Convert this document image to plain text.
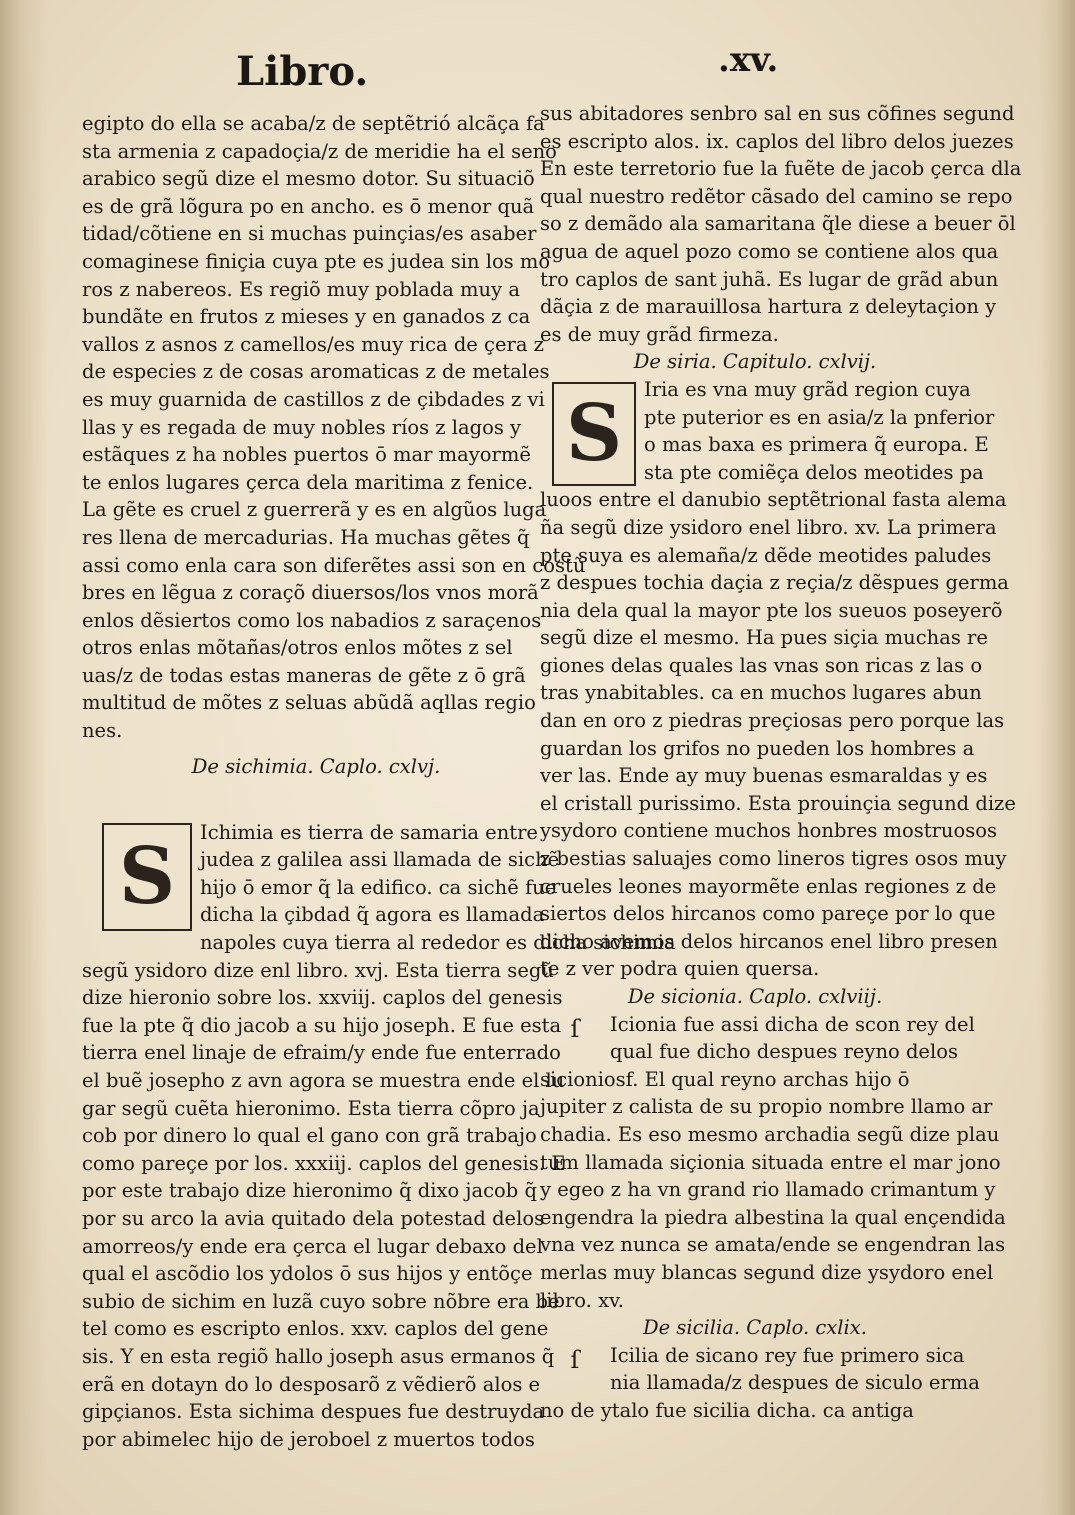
Libro.	.xv.
egipto do ella se acaba/z de septẽtrió alcãça fa
sta armenia z capadoçia/z de meridie ha el seno
arabico segũ dize el mesmo dotor. Su situaciõ
es de grã lõgura po en ancho. es ō menor quã
tidad/cõtiene en si muchas puinçias/es asaber
comaginese finiçia cuya pte es judea sin los mo
ros z nabereos. Es regiõ muy poblada muy a
bundãte en frutos z mieses y en ganados z ca
vallos z asnos z camellos/es muy rica de çera z
de especies z de cosas aromaticas z de metales
es muy guarnida de castillos z de çibdades z vi
llas y es regada de muy nobles ríos z lagos y
estãques z ha nobles puertos ō mar mayormẽ
te enlos lugares çerca dela maritima z fenice.
La gẽte es cruel z guerrerã y es en algũos luga
res llena de mercadurias. Ha muchas gẽtes q̃
assi como enla cara son diferẽtes assi son en costũ
bres en lẽgua z coraçõ diuersos/los vnos morã
enlos dẽsiertos como los nabadios z saraçenos
otros enlas mõtañas/otros enlos mõtes z sel
uas/z de todas estas maneras de gẽte z ō grã
multitud de mõtes z seluas abũdã aqllas regio
nes.
De sichimia. Caplo. cxlvj.
S	Ichimia es tierra de samaria entre
judea z galilea assi llamada de sichẽ
hijo ō emor q̃ la edifico. ca sichẽ fue
dicha la çibdad q̃ agora es llamada
napoles cuya tierra al rededor es dicha sichimia
segũ ysidoro dize enl libro. xvj. Esta tierra segũ
dize hieronio sobre los. xxviij. caplos del genesis
fue la pte q̃ dio jacob a su hijo joseph. E fue esta
tierra enel linaje de efraim/y ende fue enterrado
el buẽ josepho z avn agora se muestra ende el lu
gar segũ cuẽta hieronimo. Esta tierra cõpro ja
cob por dinero lo qual el gano con grã trabajo
como pareçe por los. xxxiij. caplos del genesis. E
por este trabajo dize hieronimo q̃ dixo jacob q̃
por su arco la avia quitado dela potestad delos
amorreos/y ende era çerca el lugar debaxo del
qual el ascõdio los ydolos ō sus hijos y entõçe
subio de sichim en luzã cuyo sobre nõbre era be
tel como es escripto enlos. xxv. caplos del gene
sis. Y en esta regiõ hallo joseph asus ermanos q̃
erã en dotayn do lo desposarõ z vẽdierõ alos e
gipçianos. Esta sichima despues fue destruyda
por abimelec hijo de jeroboel z muertos todos
sus abitadores senbro sal en sus cõfines segund
es escripto alos. ix. caplos del libro delos juezes
En este terretorio fue la fuẽte de jacob çerca dla
qual nuestro redẽtor cãsado del camino se repo
so z demãdo ala samaritana q̃le diese a beuer ōl
agua de aquel pozo como se contiene alos qua
tro caplos de sant juhã. Es lugar de grãd abun
dãçia z de marauillosa hartura z deleytaçion y
es de muy grãd firmeza.
De siria. Capitulo. cxlvij.
S	Iria es vna muy grãd region cuya
pte puterior es en asia/z la pnferior
o mas baxa es primera q̃ europa. E
sta pte comiẽça delos meotides pa
luoos entre el danubio septẽtrional fasta alema
ña segũ dize ysidoro enel libro. xv. La primera
pte suya es alemaña/z dẽde meotides paludes
z despues tochia daçia z reçia/z dẽspues germa
nia dela qual la mayor pte los sueuos poseyerõ
segũ dize el mesmo. Ha pues siçia muchas re
giones delas quales las vnas son ricas z las o
tras ynabitables. ca en muchos lugares abun
dan en oro z piedras preçiosas pero porque las
guardan los grifos no pueden los hombres a
ver las. Ende ay muy buenas esmaraldas y es
el cristall purissimo. Esta prouinçia segund dize
ysydoro contiene muchos honbres mostruosos
z bestias saluajes como lineros tigres osos muy
crueles leones mayormẽte enlas regiones z de
siertos delos hircanos como pareçe por lo que
dicho avemos delos hircanos enel libro presen
te z ver podra quien quersa.
De sicionia. Caplo. cxlviij.
ſ	Icionia fue assi dicha de scon rey del
qual fue dicho despues reyno delos
sicioniosf. El qual reyno archas hijo ō
jupiter z calista de su propio nombre llamo ar
chadia. Es eso mesmo archadia segũ dize plau
tum llamada siçionia situada entre el mar jono
y egeo z ha vn grand rio llamado crimantum y
engendra la piedra albestina la qual ençendida
vna vez nunca se amata/ende se engendran las
merlas muy blancas segund dize ysydoro enel
libro. xv.
De sicilia. Caplo. cxlix.
ſ	Icilia de sicano rey fue primero sica
nia llamada/z despues de siculo erma
no de ytalo fue sicilia dicha. ca antiga
